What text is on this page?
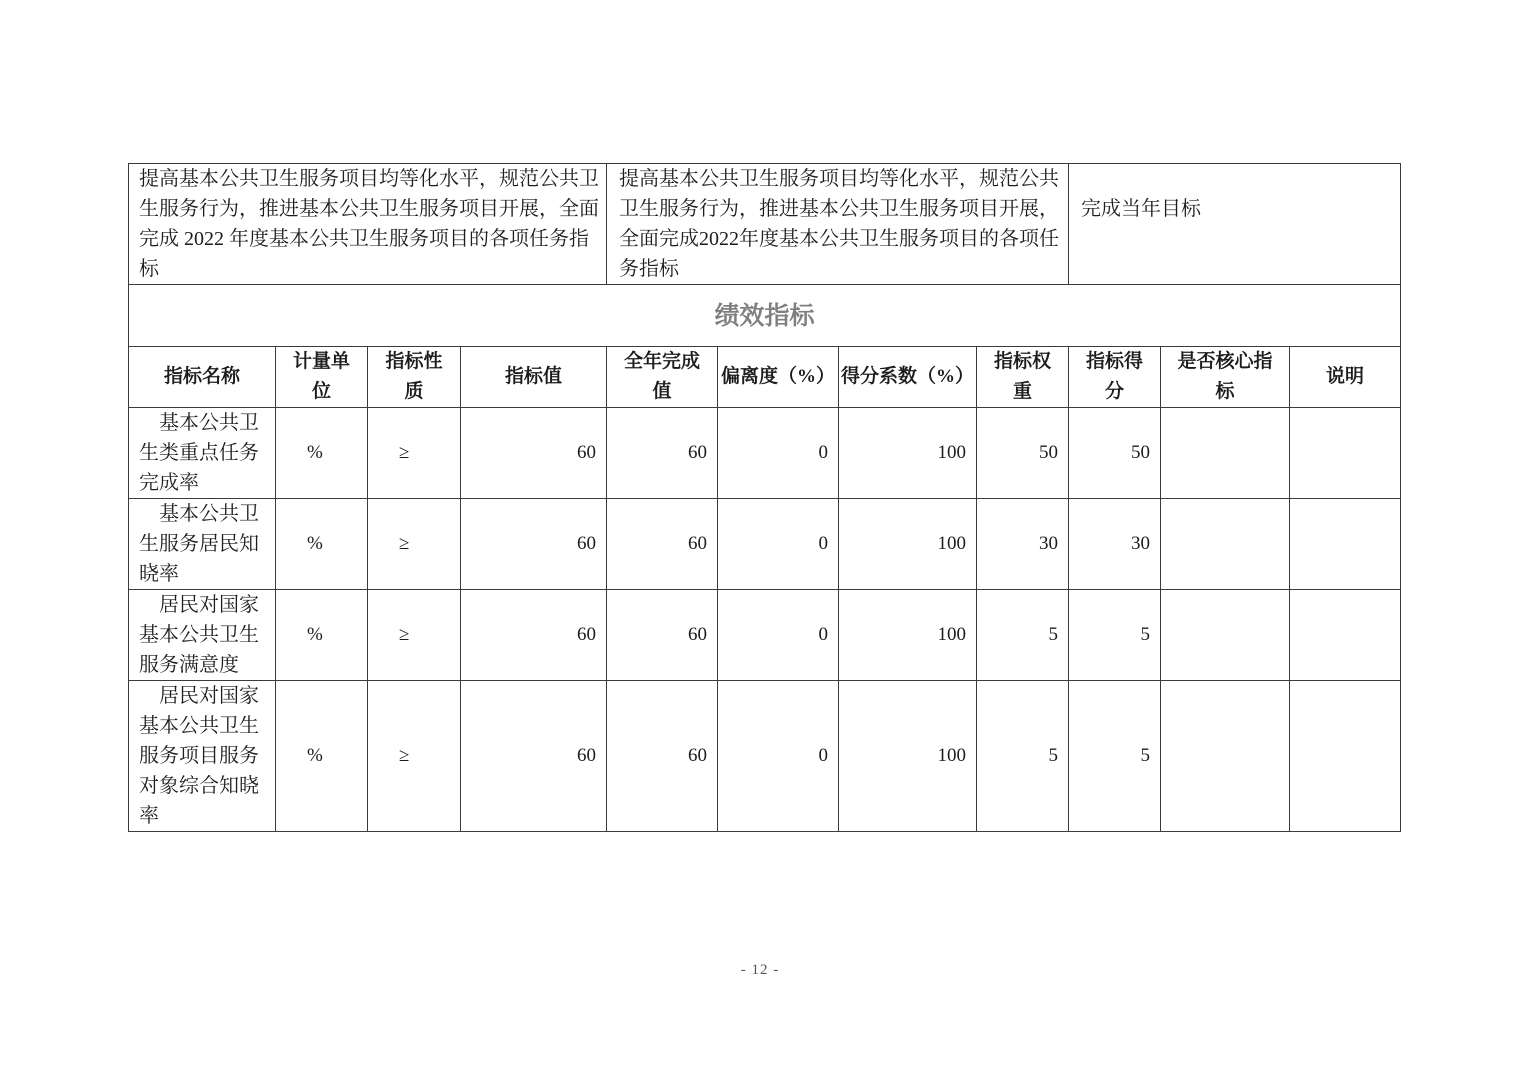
提高基本公共卫生服务项目均等化水平，规范公共卫生服务行为，推进基本公共卫生服务项目开展，全面完成 2022 年度基本公共卫生服务项目的各项任务指标				提高基本公共卫生服务项目均等化水平，规范公共卫生服务行为，推进基本公共卫生服务项目开展，全面完成2022年度基本公共卫生服务项目的各项任务指标				完成当年目标		
绩效指标										
指标名称	计量单位	指标性质	指标值	全年完成值	偏离度（%）	得分系数（%）	指标权重	指标得分	是否核心指标	说明
基本公共卫生类重点任务完成率	%	≥	60	60	0	100	50	50		
基本公共卫生服务居民知晓率	%	≥	60	60	0	100	30	30		
居民对国家基本公共卫生服务满意度	%	≥	60	60	0	100	5	5		
居民对国家基本公共卫生服务项目服务对象综合知晓率	%	≥	60	60	0	100	5	5		
- 12 -
